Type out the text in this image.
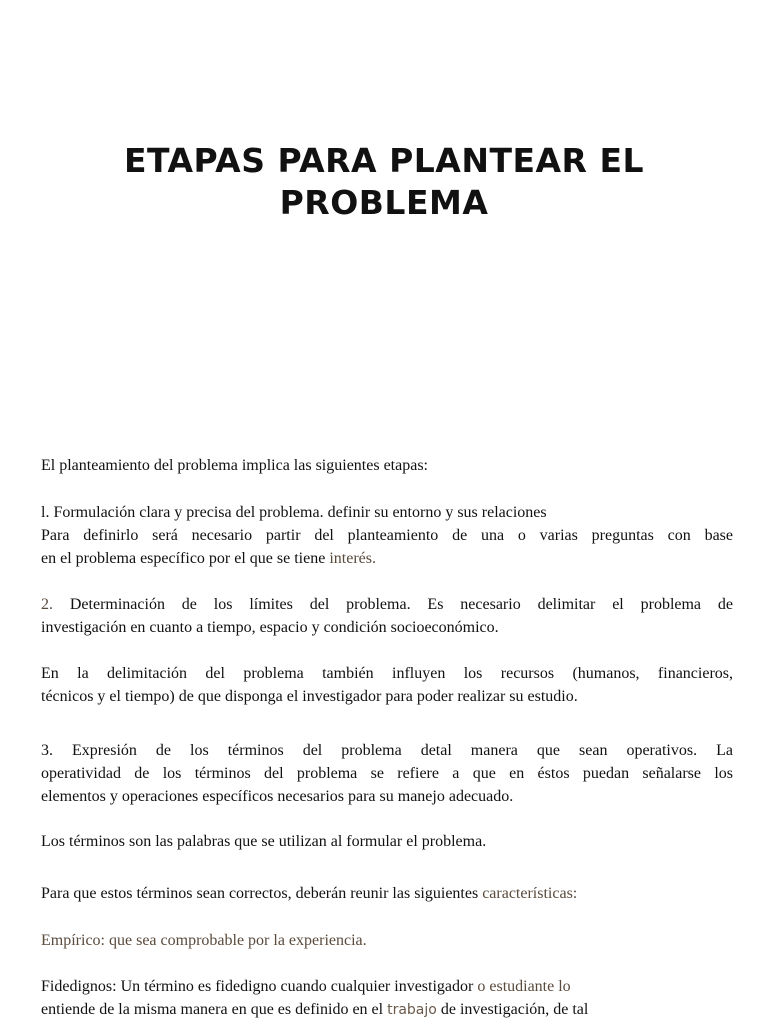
ETAPAS PARA PLANTEAR EL
PROBLEMA

El planteamiento del problema implica las siguientes etapas:

l. Formulación clara y precisa del problema. definir su entorno y sus relaciones
Para definirlo será necesario partir del planteamiento de una o varias preguntas con base
en el problema específico por el que se tiene interés.

2. Determinación de los límites del problema. Es necesario delimitar el problema de
investigación en cuanto a tiempo, espacio y condición socioeconómico.

En la delimitación del problema también influyen los recursos (humanos, financieros,
técnicos y el tiempo) de que disponga el investigador para poder realizar su estudio.

3. Expresión de los términos del problema detal manera que sean operativos. La
operatividad de los términos del problema se refiere a que en éstos puedan señalarse los
elementos y operaciones específicos necesarios para su manejo adecuado.

Los términos son las palabras que se utilizan al formular el problema.

Para que estos términos sean correctos, deberán reunir las siguientes características:

Empírico: que sea comprobable por la experiencia.

Fidedignos: Un término es fidedigno cuando cualquier investigador o estudiante lo
entiende de la misma manera en que es definido en el trabajo de investigación, de tal
